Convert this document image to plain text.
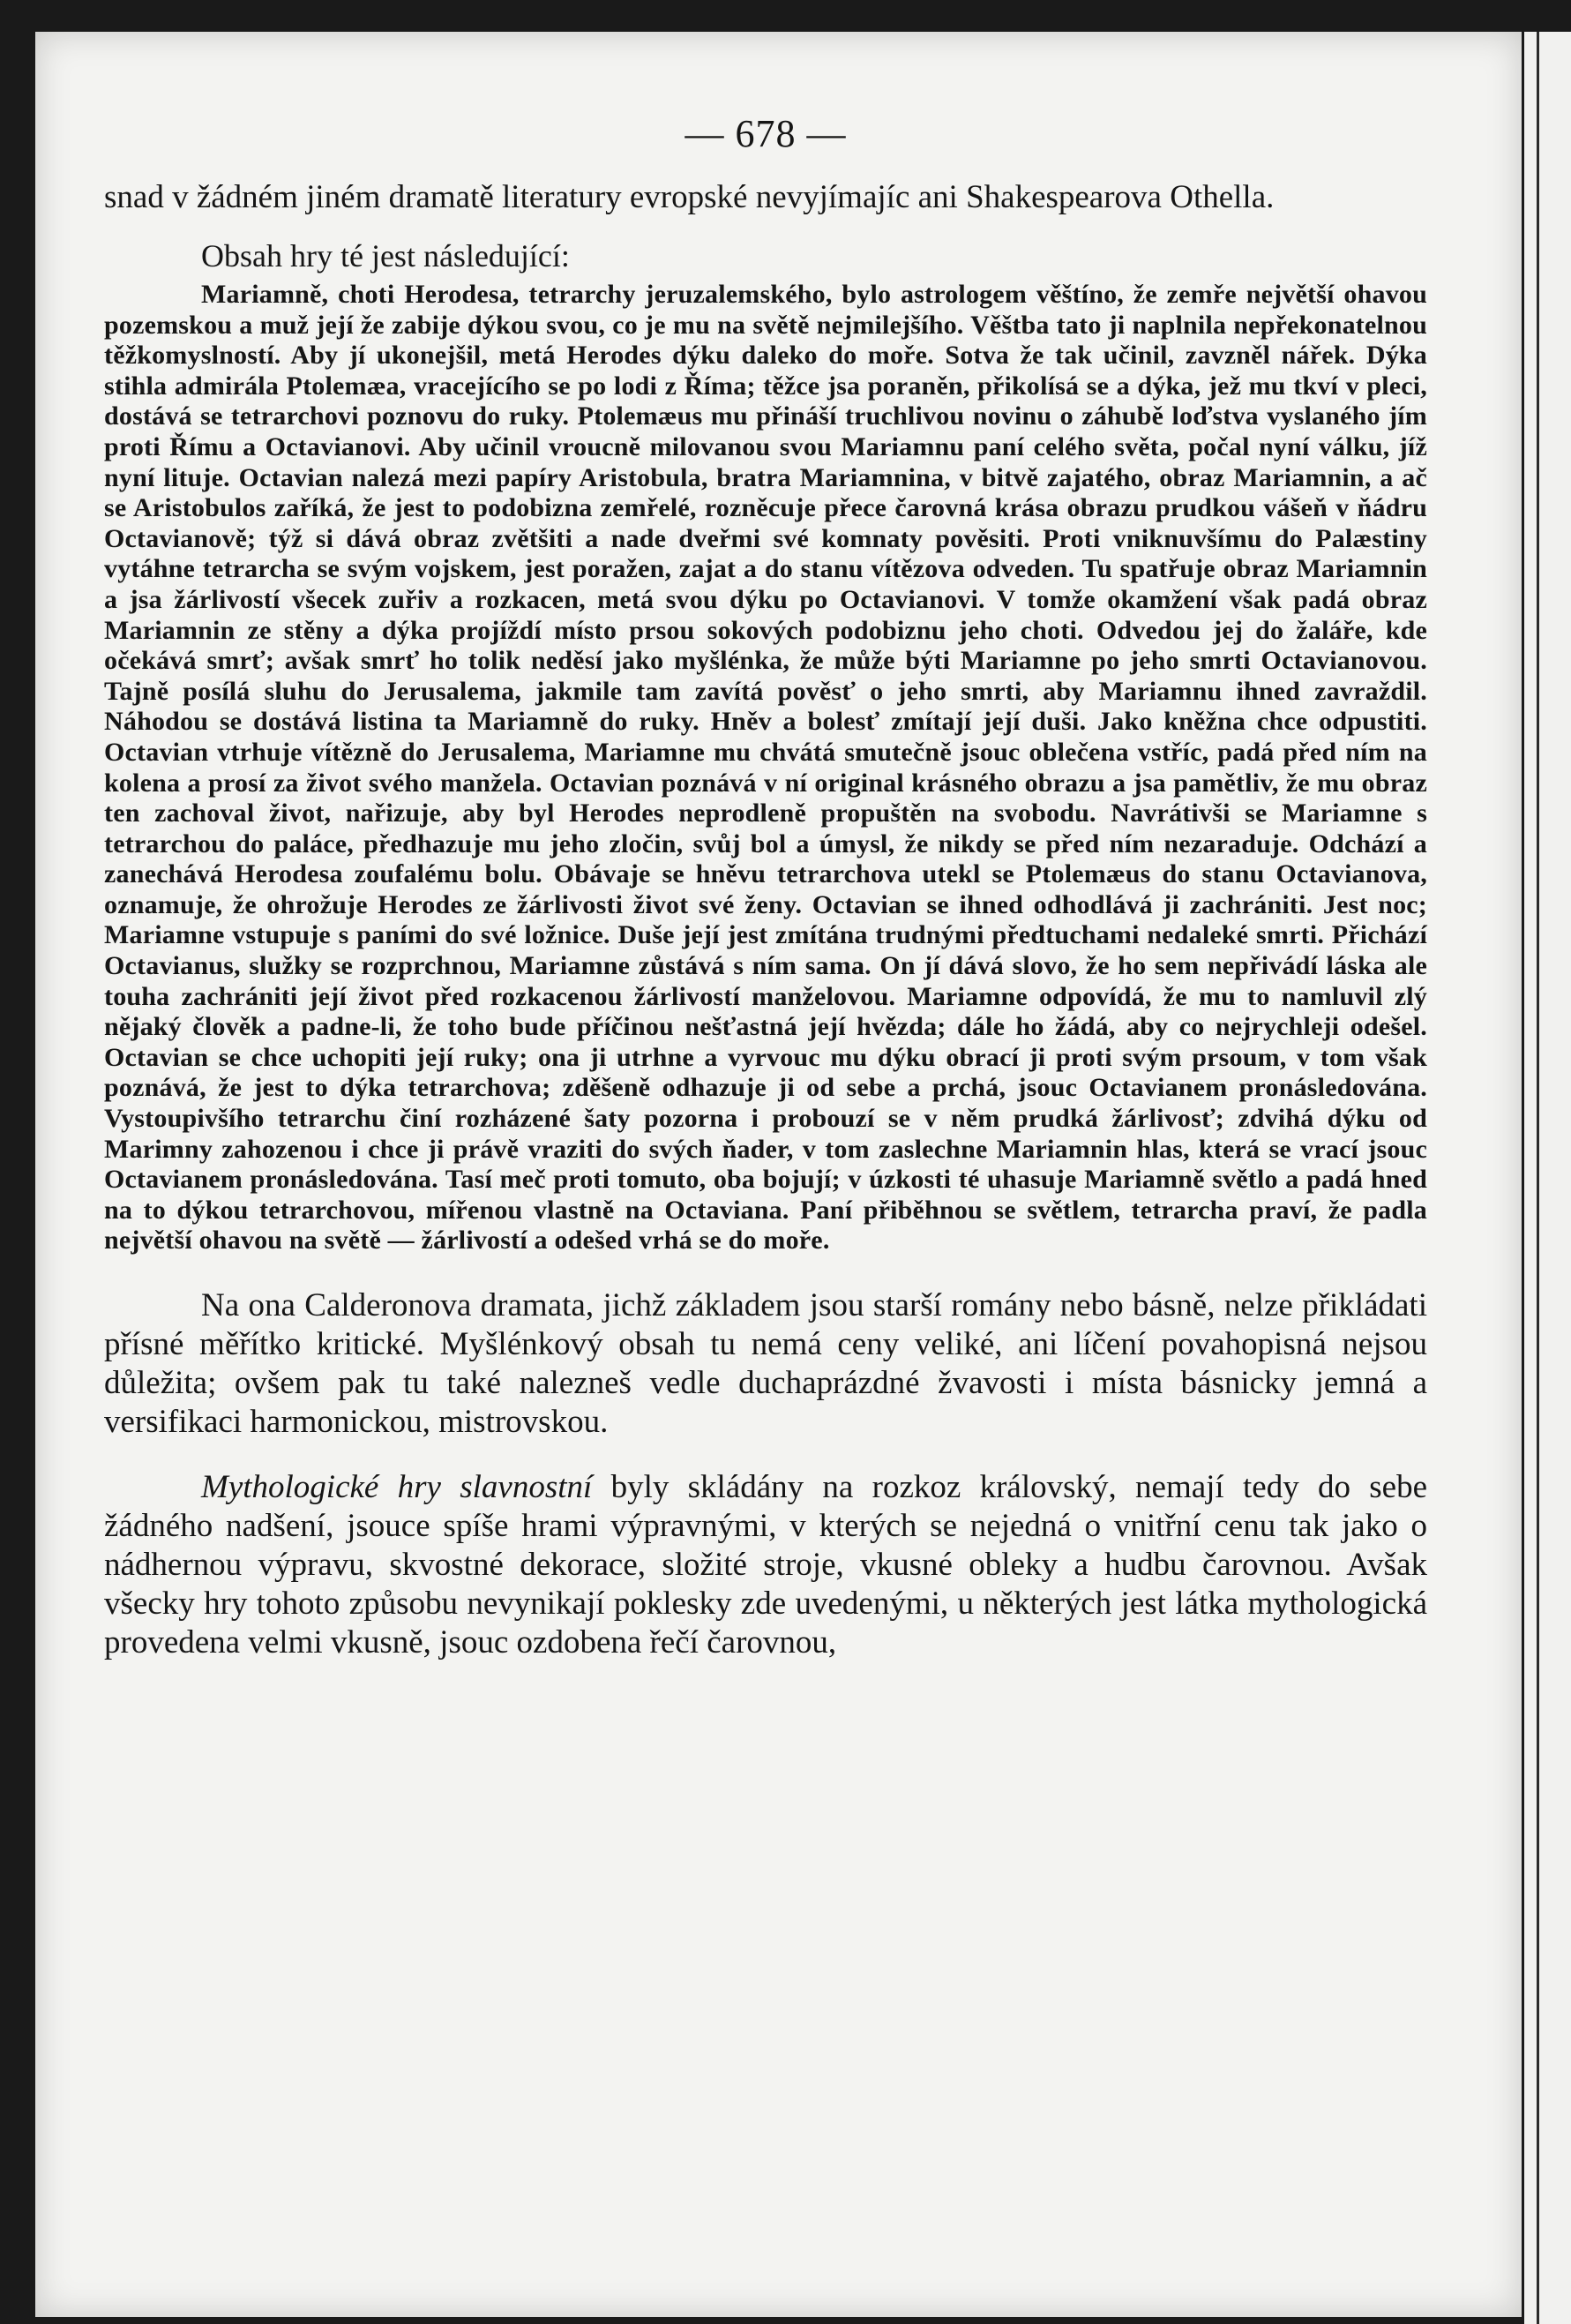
— 678 —

snad v žádném jiném dramatě literatury evropské nevyjímajíc ani Shakespearova Othella.

Obsah hry té jest následující:

Mariamně, choti Herodesa, tetrarchy jeruzalemského, bylo astrologem věštíno, že zemře největší ohavou pozemskou a muž její že zabije dýkou svou, co je mu na světě nejmilejšího. Věštba tato ji naplnila nepřekonatelnou těžkomyslností. Aby jí ukonejšil, metá Herodes dýku daleko do moře. Sotva že tak učinil, zavzněl nářek. Dýka stihla admirála Ptolemæa, vracejícího se po lodi z Říma; těžce jsa poraněn, přikolísá se a dýka, jež mu tkví v pleci, dostává se tetrarchovi poznovu do ruky. Ptolemæus mu přináší truchlivou novinu o záhubě loďstva vyslaného jím proti Římu a Octavianovi. Aby učinil vroucně milovanou svou Mariamnu paní celého světa, počal nyní válku, jíž nyní lituje. Octavian nalezá mezi papíry Aristobula, bratra Mariamnina, v bitvě zajatého, obraz Mariamnin, a ač se Aristobulos zaříká, že jest to podobizna zemřelé, rozněcuje přece čarovná krása obrazu prudkou vášeň v ňádru Octavianově; týž si dává obraz zvětšiti a nade dveřmi své komnaty pověsiti. Proti vniknuvšímu do Palæstiny vytáhne tetrarcha se svým vojskem, jest poražen, zajat a do stanu vítězova odveden. Tu spatřuje obraz Mariamnin a jsa žárlivostí všecek zuřiv a rozkacen, metá svou dýku po Octavianovi. V tomže okamžení však padá obraz Mariamnin ze stěny a dýka projíždí místo prsou sokových podobiznu jeho choti. Odvedou jej do žaláře, kde očekává smrť; avšak smrť ho tolik neděsí jako myšlénka, že může býti Mariamne po jeho smrti Octavianovou. Tajně posílá sluhu do Jerusalema, jakmile tam zavítá pověsť o jeho smrti, aby Mariamnu ihned zavraždil. Náhodou se dostává listina ta Mariamně do ruky. Hněv a bolesť zmítají její duši. Jako kněžna chce odpustiti. Octavian vtrhuje vítězně do Jerusalema, Mariamne mu chvátá smutečně jsouc oblečena vstříc, padá před ním na kolena a prosí za život svého manžela. Octavian poznává v ní original krásného obrazu a jsa pamětliv, že mu obraz ten zachoval život, nařizuje, aby byl Herodes neprodleně propuštěn na svobodu. Navrátivši se Mariamne s tetrarchou do paláce, předhazuje mu jeho zločin, svůj bol a úmysl, že nikdy se před ním nezaraduje. Odchází a zanechává Herodesa zoufalému bolu. Obávaje se hněvu tetrarchova utekl se Ptolemæus do stanu Octavianova, oznamuje, že ohrožuje Herodes ze žárlivosti život své ženy. Octavian se ihned odhodlává ji zachrániti. Jest noc; Mariamne vstupuje s paními do své ložnice. Duše její jest zmítána trudnými předtuchami nedaleké smrti. Přichází Octavianus, služky se rozprchnou, Mariamne zůstává s ním sama. On jí dává slovo, že ho sem nepřivádí láska ale touha zachrániti její život před rozkacenou žárlivostí manželovou. Mariamne odpovídá, že mu to namluvil zlý nějaký člověk a padne-li, že toho bude příčinou nešťastná její hvězda; dále ho žádá, aby co nejrychleji odešel. Octavian se chce uchopiti její ruky; ona ji utrhne a vyrvouc mu dýku obrací ji proti svým prsoum, v tom však poznává, že jest to dýka tetrarchova; zděšeně odhazuje ji od sebe a prchá, jsouc Octavianem pronásledována. Vystoupivšího tetrarchu činí rozházené šaty pozorna i probouzí se v něm prudká žárlivosť; zdvihá dýku od Marimny zahozenou i chce ji právě vraziti do svých ňader, v tom zaslechne Mariamnin hlas, která se vrací jsouc Octavianem pronásledována. Tasí meč proti tomuto, oba bojují; v úzkosti té uhasuje Mariamně světlo a padá hned na to dýkou tetrarchovou, mířenou vlastně na Octaviana. Paní přiběhnou se světlem, tetrarcha praví, že padla největší ohavou na světě — žárlivostí a odešed vrhá se do moře.

Na ona Calderonova dramata, jichž základem jsou starší romány nebo básně, nelze přikládati přísné měřítko kritické. Myšlénkový obsah tu nemá ceny veliké, ani líčení povahopisná nejsou důležita; ovšem pak tu také nalezneš vedle duchaprázdné žvavosti i místa básnicky jemná a versifikaci harmonickou, mistrovskou.

Mythologické hry slavnostní byly skládány na rozkoz královský, nemají tedy do sebe žádného nadšení, jsouce spíše hrami výpravnými, v kterých se nejedná o vnitřní cenu tak jako o nádhernou výpravu, skvostné dekorace, složité stroje, vkusné obleky a hudbu čarovnou. Avšak všecky hry tohoto způsobu nevynikají poklesky zde uvedenými, u některých jest látka mythologická provedena velmi vkusně, jsouc ozdobena řečí čarovnou,
